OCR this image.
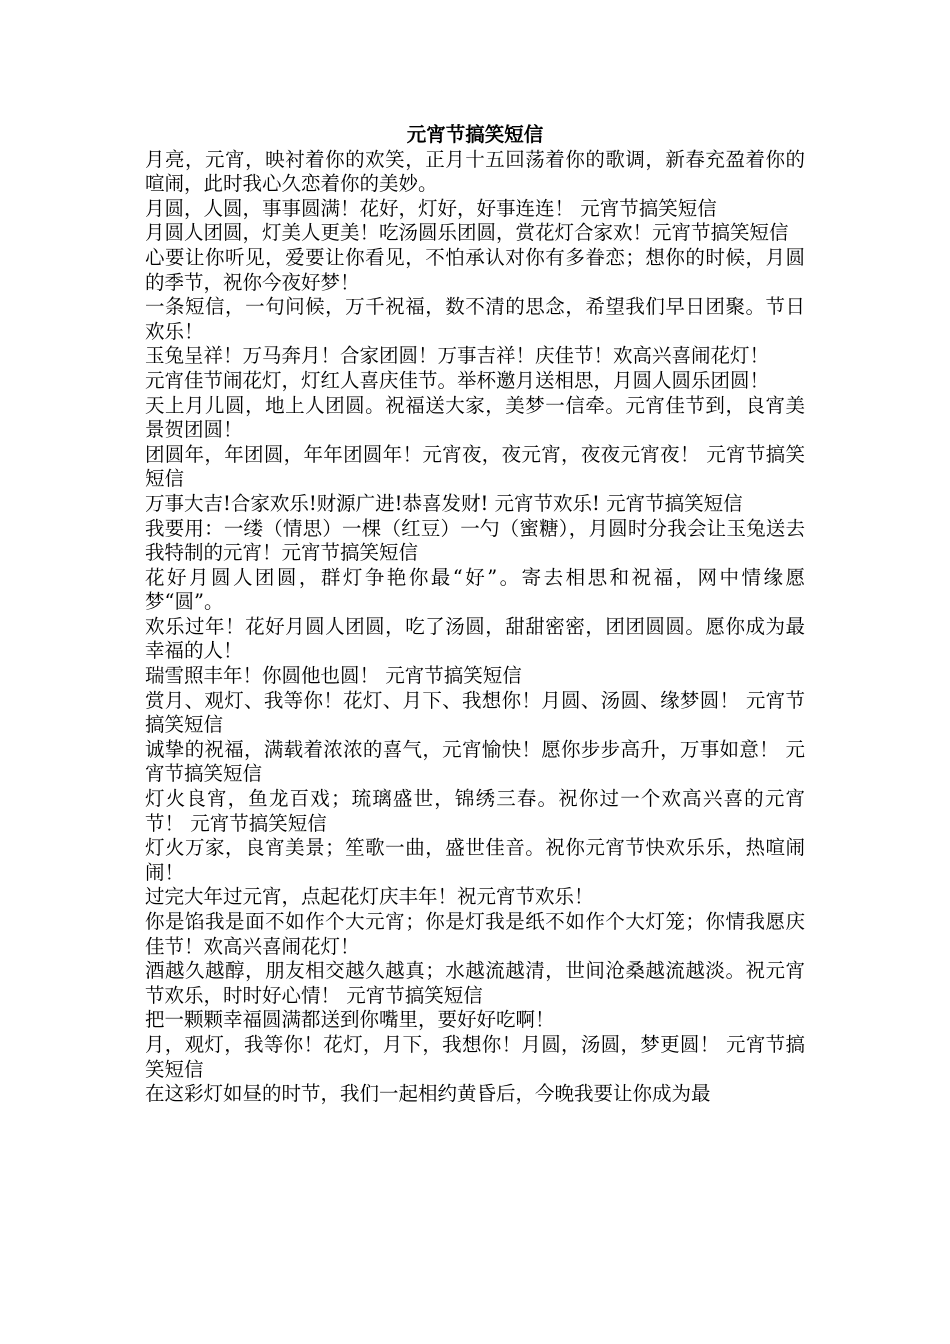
元宵节搞笑短信

月亮，元宵，映衬着你的欢笑，正月十五回荡着你的歌调，新春充盈着你的喧闹，此时我心久恋着你的美妙。

月圆，人圆，事事圆满！花好，灯好，好事连连！ 元宵节搞笑短信

月圆人团圆，灯美人更美！吃汤圆乐团圆，赏花灯合家欢！元宵节搞笑短信

心要让你听见，爱要让你看见，不怕承认对你有多眷恋；想你的时候，月圆的季节，祝你今夜好梦！

一条短信，一句问候，万千祝福，数不清的思念，希望我们早日团聚。节日欢乐！

玉兔呈祥！万马奔月！合家团圆！万事吉祥！庆佳节！欢高兴喜闹花灯！

元宵佳节闹花灯，灯红人喜庆佳节。举杯邀月送相思，月圆人圆乐团圆！

天上月儿圆，地上人团圆。祝福送大家，美梦一信牵。元宵佳节到，良宵美景贺团圆！

团圆年，年团圆，年年团圆年！元宵夜，夜元宵，夜夜元宵夜！ 元宵节搞笑短信

万事大吉!合家欢乐!财源广进!恭喜发财! 元宵节欢乐! 元宵节搞笑短信

我要用：一缕（情思）一棵（红豆）一勺（蜜糖），月圆时分我会让玉兔送去我特制的元宵！元宵节搞笑短信

花好月圆人团圆，群灯争艳你最“好”。寄去相思和祝福，网中情缘愿梦“圆”。

欢乐过年！花好月圆人团圆，吃了汤圆，甜甜密密，团团圆圆。愿你成为最幸福的人！

瑞雪照丰年！你圆他也圆！ 元宵节搞笑短信

赏月、观灯、我等你！花灯、月下、我想你！月圆、汤圆、缘梦圆！ 元宵节搞笑短信

诚挚的祝福，满载着浓浓的喜气，元宵愉快！愿你步步高升，万事如意！ 元宵节搞笑短信

灯火良宵，鱼龙百戏；琉璃盛世，锦绣三春。祝你过一个欢高兴喜的元宵节！ 元宵节搞笑短信

灯火万家，良宵美景；笙歌一曲，盛世佳音。祝你元宵节快欢乐乐，热喧闹闹！

过完大年过元宵，点起花灯庆丰年！祝元宵节欢乐！

你是馅我是面不如作个大元宵；你是灯我是纸不如作个大灯笼；你情我愿庆佳节！欢高兴喜闹花灯！

酒越久越醇，朋友相交越久越真；水越流越清，世间沧桑越流越淡。祝元宵节欢乐，时时好心情！ 元宵节搞笑短信

把一颗颗幸福圆满都送到你嘴里，要好好吃啊！

月，观灯，我等你！花灯，月下，我想你！月圆，汤圆，梦更圆！ 元宵节搞笑短信

在这彩灯如昼的时节，我们一起相约黄昏后，今晚我要让你成为最
